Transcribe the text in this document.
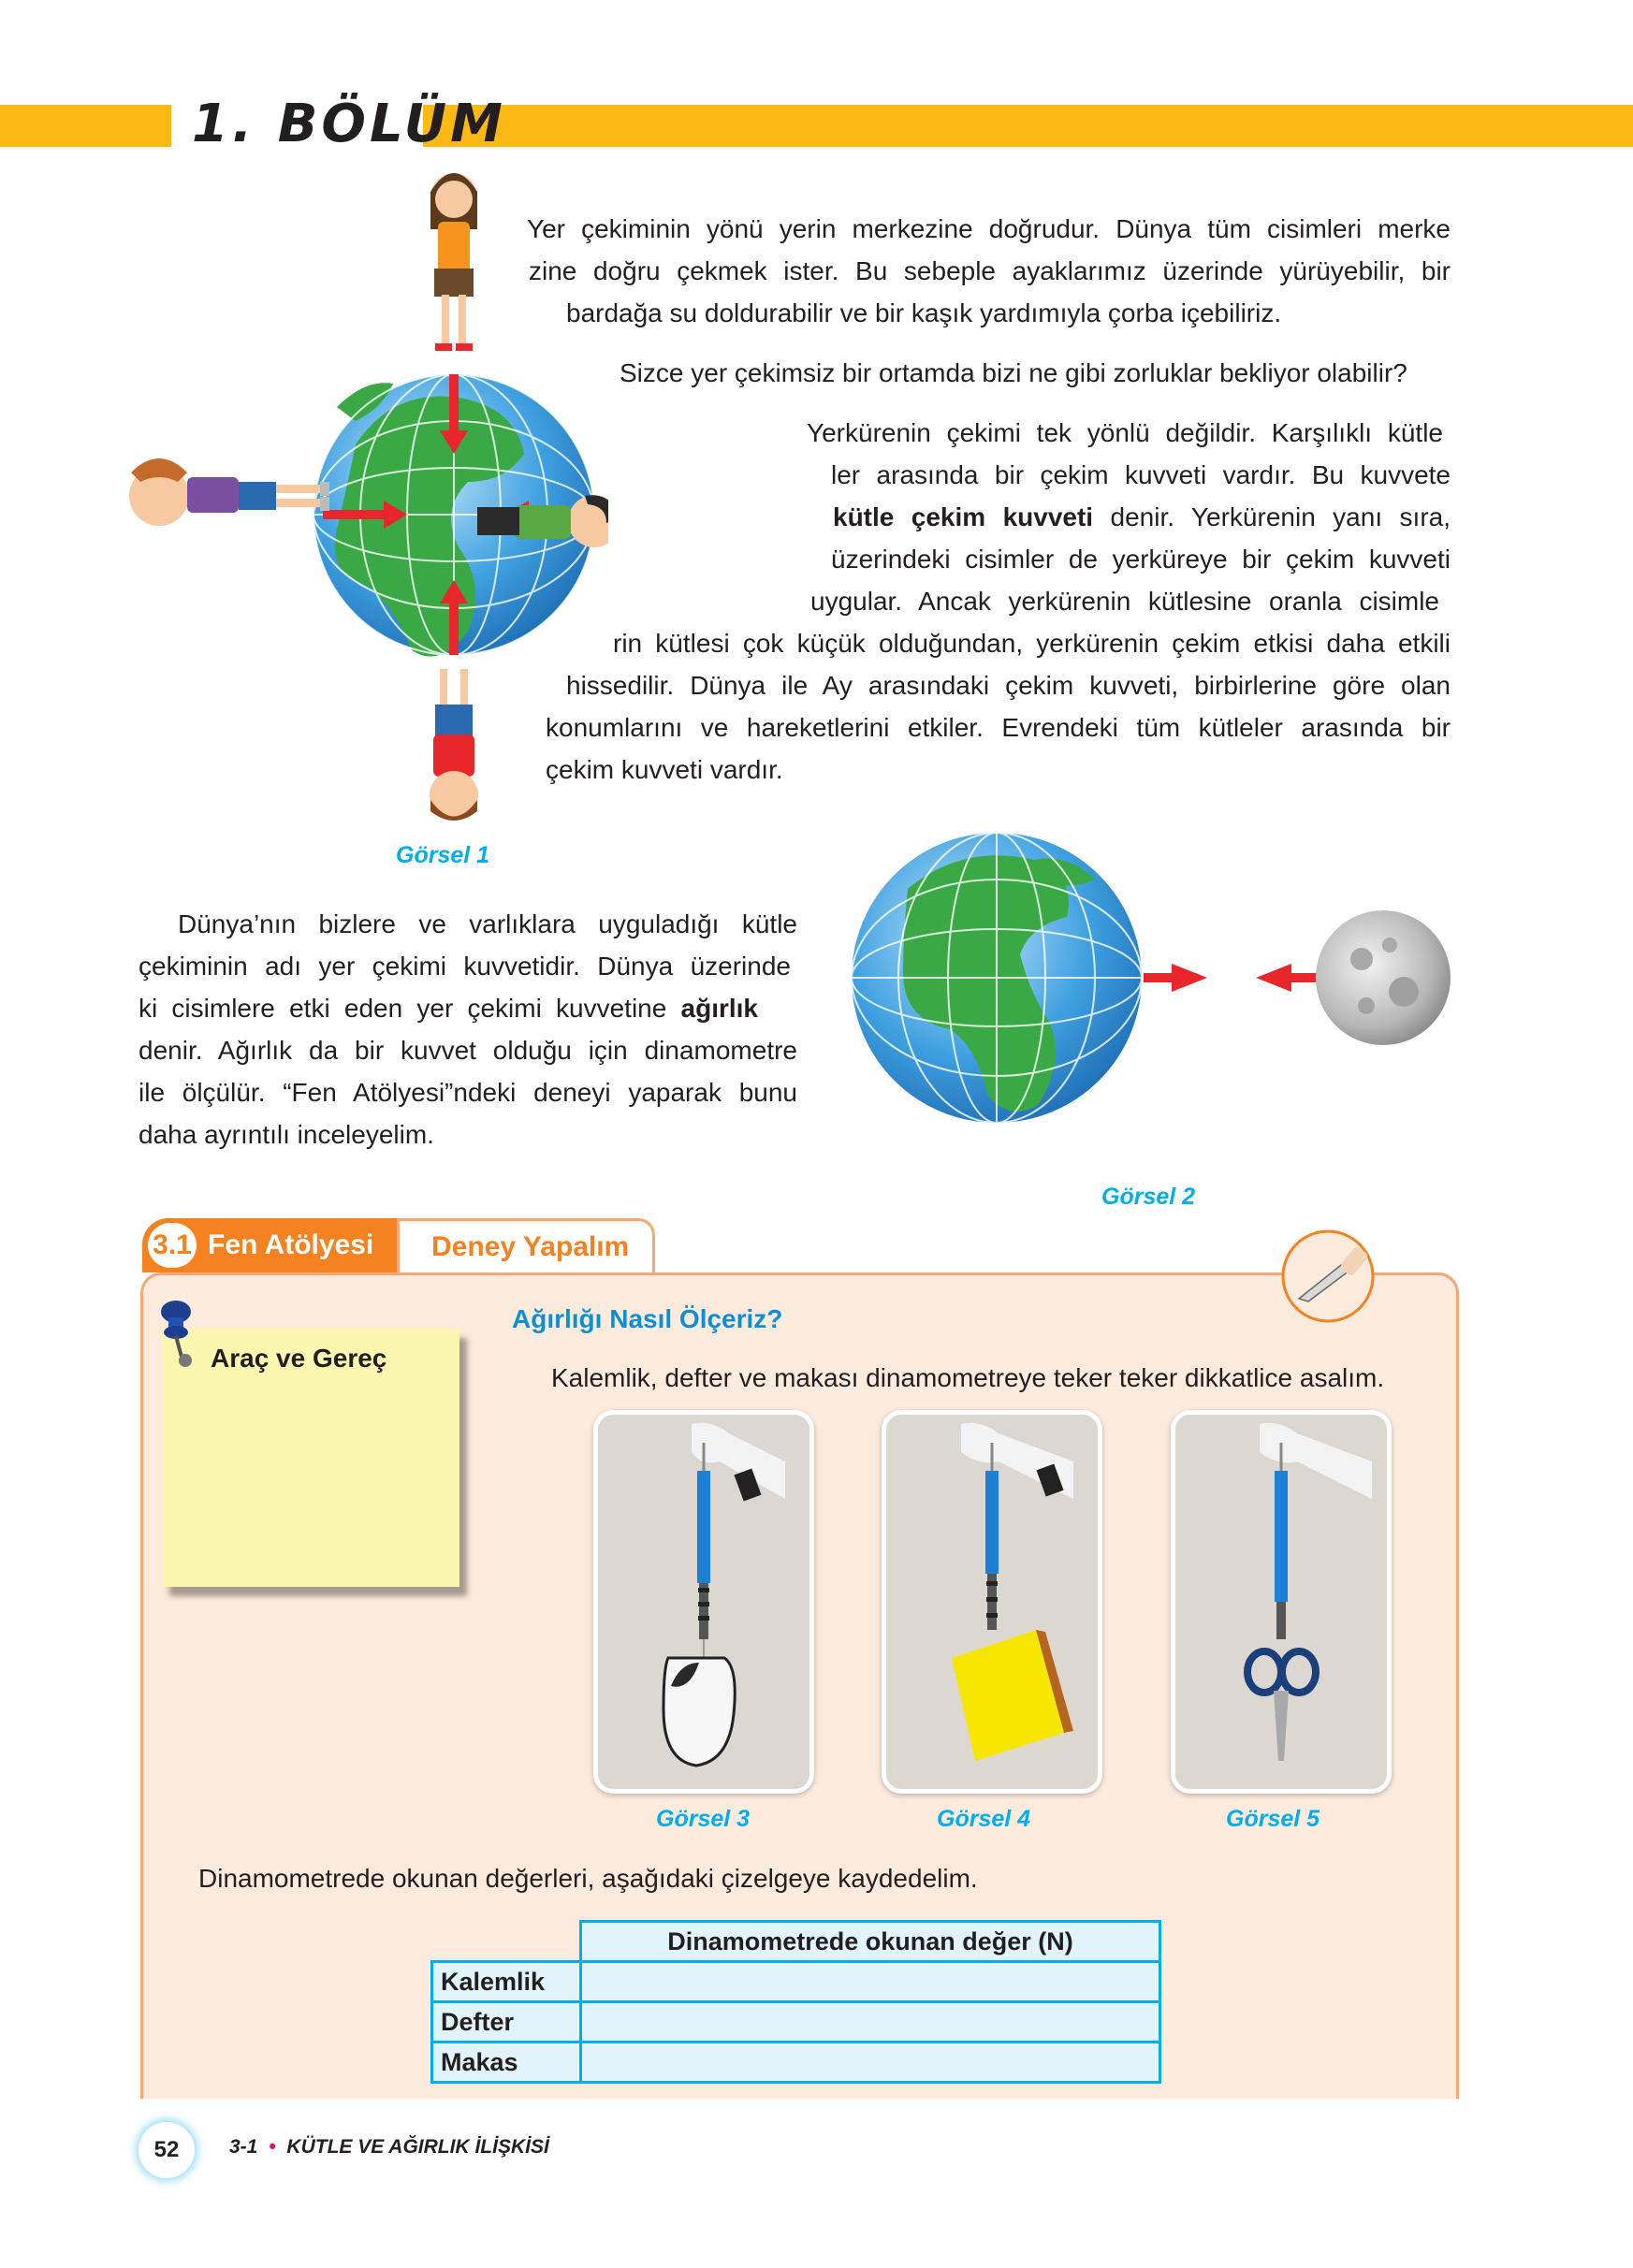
1. BÖLÜM

Yer çekiminin yönü yerin merkezine doğrudur. Dünya tüm cisimleri merke

zine doğru çekmek ister. Bu sebeple ayaklarımız üzerinde yürüyebilir, bir

bardağa su doldurabilir ve bir kaşık yardımıyla çorba içebiliriz.

Sizce yer çekimsiz bir ortamda bizi ne gibi zorluklar bekliyor olabilir?

Yerkürenin çekimi tek yönlü değildir. Karşılıklı kütle

ler arasında bir çekim kuvveti vardır. Bu kuvvete

kütle çekim kuvveti denir. Yerkürenin yanı sıra,

üzerindeki cisimler de yerküreye bir çekim kuvveti

uygular. Ancak yerkürenin kütlesine oranla cisimle

rin kütlesi çok küçük olduğundan, yerkürenin çekim etkisi daha etkili

hissedilir. Dünya ile Ay arasındaki çekim kuvveti, birbirlerine göre olan

konumlarını ve hareketlerini etkiler. Evrendeki tüm kütleler arasında bir

çekim kuvveti vardır.

Görsel 1

Dünya’nın bizlere ve varlıklara uyguladığı kütle

çekiminin adı yer çekimi kuvvetidir. Dünya üzerinde

ki cisimlere etki eden yer çekimi kuvvetine ağırlık

denir. Ağırlık da bir kuvvet olduğu için dinamometre

ile ölçülür. “Fen Atölyesi”ndeki deneyi yaparak bunu

daha ayrıntılı inceleyelim.

Görsel 2
3.1 Fen Atölyesi Deney Yapalım
Araç ve Gereç
Ağırlığı Nasıl Ölçeriz?

Kalemlik, defter ve makası dinamometreye teker teker dikkatlice asalım.

Görsel 3	Görsel 4	Görsel 5

Dinamometrede okunan değerleri, aşağıdaki çizelgeye kaydedelim.

	Dinamometrede okunan değer (N)
Kalemlik	
Defter	
Makas	
52	3-1 • KÜTLE VE AĞIRLIK İLİŞKİSİ
